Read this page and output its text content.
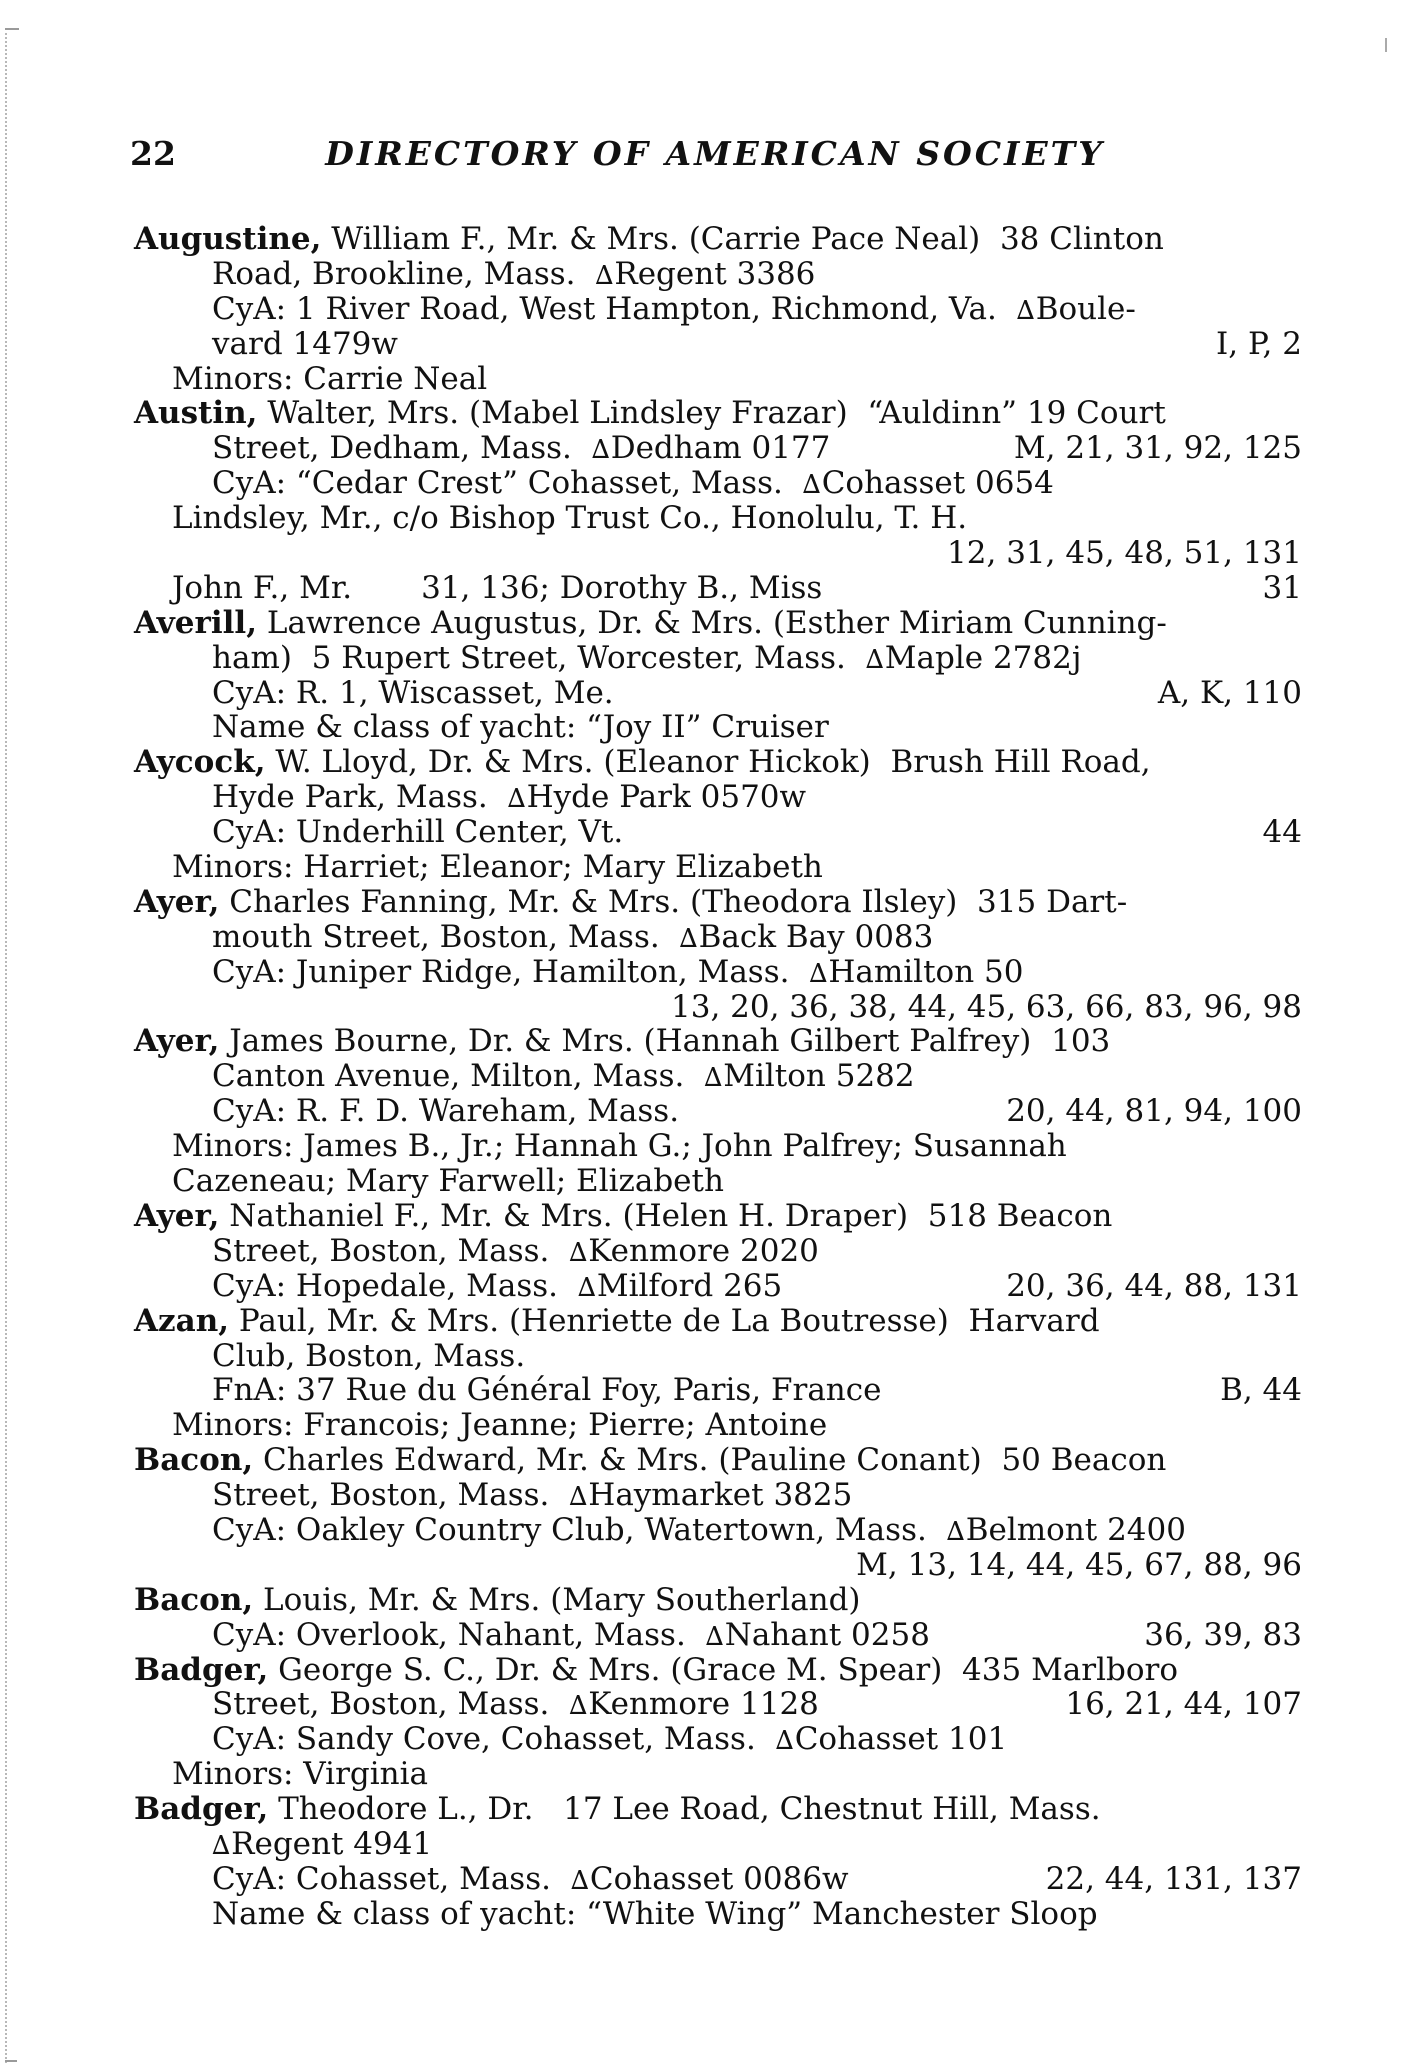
22	DIRECTORY OF AMERICAN SOCIETY
Augustine, William F., Mr. & Mrs. (Carrie Pace Neal)  38 Clinton
Road, Brookline, Mass.  ∆Regent 3386
CyA: 1 River Road, West Hampton, Richmond, Va.  ∆Boule-
vard 1479w	I, P, 2
Minors: Carrie Neal
Austin, Walter, Mrs. (Mabel Lindsley Frazar)  “Auldinn” 19 Court
Street, Dedham, Mass.  ∆Dedham 0177	M, 21, 31, 92, 125
CyA: “Cedar Crest” Cohasset, Mass.  ∆Cohasset 0654
Lindsley, Mr., c/o Bishop Trust Co., Honolulu, T. H.
12, 31, 45, 48, 51, 131
John F., Mr.       31, 136; Dorothy B., Miss	31
Averill, Lawrence Augustus, Dr. & Mrs. (Esther Miriam Cunning-
ham)  5 Rupert Street, Worcester, Mass.  ∆Maple 2782j
CyA: R. 1, Wiscasset, Me.	A, K, 110
Name & class of yacht: “Joy II” Cruiser
Aycock, W. Lloyd, Dr. & Mrs. (Eleanor Hickok)  Brush Hill Road,
Hyde Park, Mass.  ∆Hyde Park 0570w
CyA: Underhill Center, Vt.	44
Minors: Harriet; Eleanor; Mary Elizabeth
Ayer, Charles Fanning, Mr. & Mrs. (Theodora Ilsley)  315 Dart-
mouth Street, Boston, Mass.  ∆Back Bay 0083
CyA: Juniper Ridge, Hamilton, Mass.  ∆Hamilton 50
13, 20, 36, 38, 44, 45, 63, 66, 83, 96, 98
Ayer, James Bourne, Dr. & Mrs. (Hannah Gilbert Palfrey)  103
Canton Avenue, Milton, Mass.  ∆Milton 5282
CyA: R. F. D. Wareham, Mass.	20, 44, 81, 94, 100
Minors: James B., Jr.; Hannah G.; John Palfrey; Susannah
Cazeneau; Mary Farwell; Elizabeth
Ayer, Nathaniel F., Mr. & Mrs. (Helen H. Draper)  518 Beacon
Street, Boston, Mass.  ∆Kenmore 2020
CyA: Hopedale, Mass.  ∆Milford 265	20, 36, 44, 88, 131
Azan, Paul, Mr. & Mrs. (Henriette de La Boutresse)  Harvard
Club, Boston, Mass.
FnA: 37 Rue du Général Foy, Paris, France	B, 44
Minors: Francois; Jeanne; Pierre; Antoine
Bacon, Charles Edward, Mr. & Mrs. (Pauline Conant)  50 Beacon
Street, Boston, Mass.  ∆Haymarket 3825
CyA: Oakley Country Club, Watertown, Mass.  ∆Belmont 2400
M, 13, 14, 44, 45, 67, 88, 96
Bacon, Louis, Mr. & Mrs. (Mary Southerland)
CyA: Overlook, Nahant, Mass.  ∆Nahant 0258	36, 39, 83
Badger, George S. C., Dr. & Mrs. (Grace M. Spear)  435 Marlboro
Street, Boston, Mass.  ∆Kenmore 1128	16, 21, 44, 107
CyA: Sandy Cove, Cohasset, Mass.  ∆Cohasset 101
Minors: Virginia
Badger, Theodore L., Dr.   17 Lee Road, Chestnut Hill, Mass.
∆Regent 4941
CyA: Cohasset, Mass.  ∆Cohasset 0086w	22, 44, 131, 137
Name & class of yacht: “White Wing” Manchester Sloop
